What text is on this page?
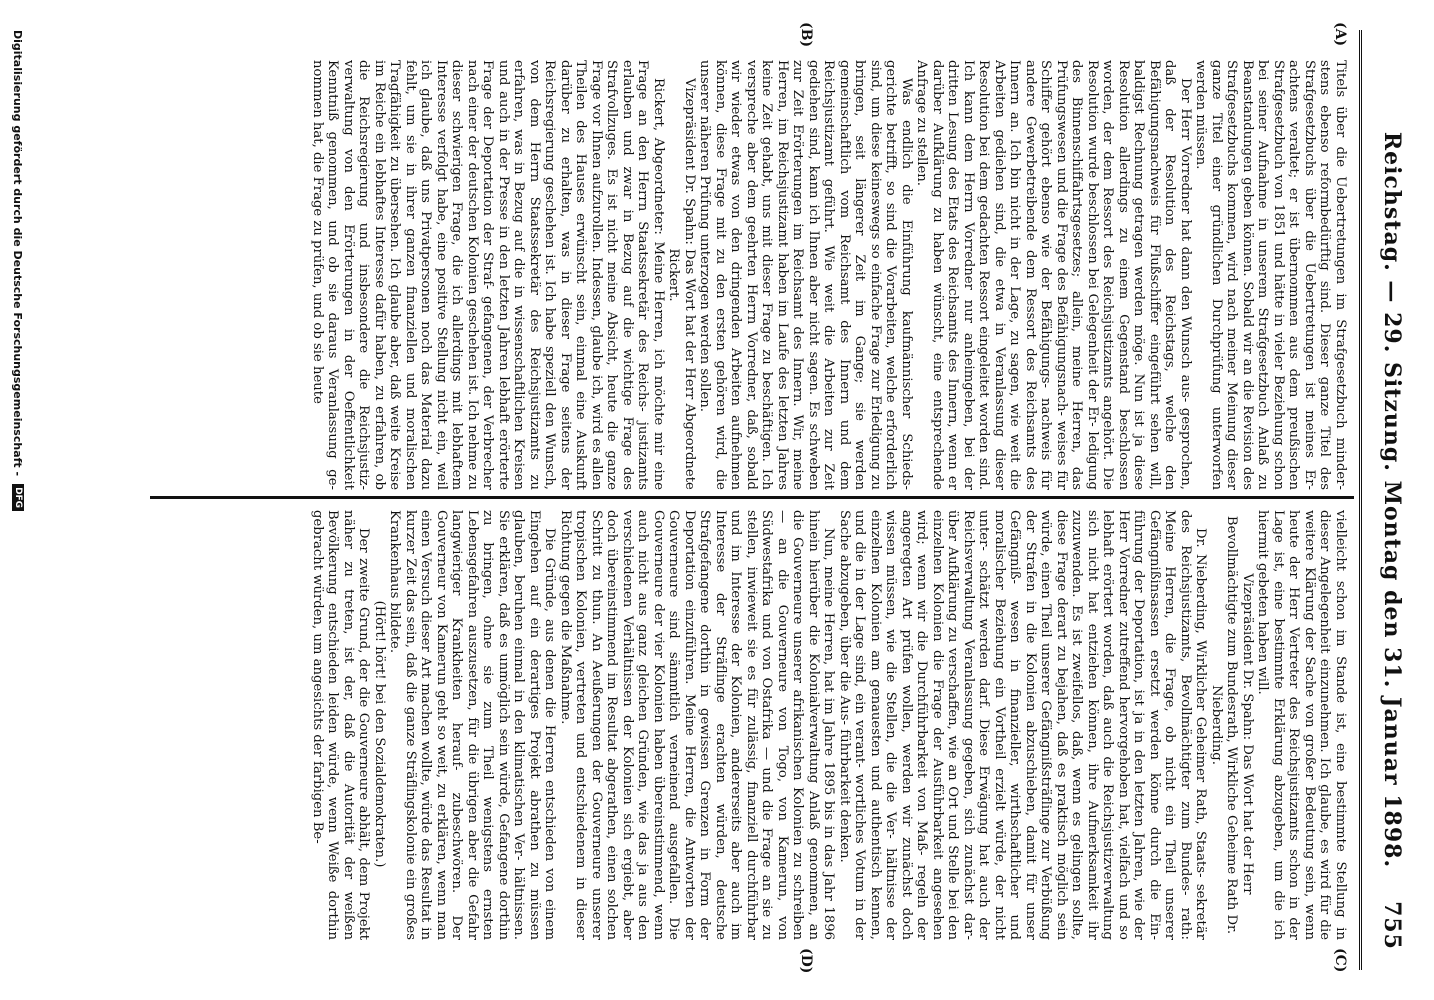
Reichstag. — 29. Sitzung. Montag den 31. Januar 1898.
755
(A)
(B)
(C)
(D)

Titels über die Uebertretungen im Strafgesetzbuch minder- stens ebenso reformbedürftig sind. Dieser ganze Titel des Strafgesetzbuchs über die Uebertretungen ist meines Er- achtens veraltet; er ist übernommen aus dem preußischen Strafgesetzbuch von 1851 und hätte in vieler Beziehung schon bei seiner Aufnahme in unserem Strafgesetzbuch Anlaß zu Beanstandungen geben können. Sobald wir an die Revision des Strafgesetzbuchs kommen, wird nach meiner Meinung dieser ganze Titel einer gründlichen Durchprüfung unterworfen werden müssen.

Der Herr Vorredner hat dann den Wunsch aus- gesprochen, daß der Resolution des Reichstags, welche den Befähigungsnachweis für Flußschiffer eingeführt sehen will, baldigst Rechnung getragen werden möge. Nun ist ja diese Resolution allerdings zu einem Gegenstand beschlossen worden, der dem Ressort des Reichsjustizamts angehört. Die Resolution wurde beschlossen bei Gelegenheit der Er- ledigung des Binnenschiffahrtsgesetzes; allein, meine Herren, das Prüfungswesen und die Frage des Befähigungsnach- weises für Schiffer gehört ebenso wie der Befähigungs- nachweis für andere Gewerbetreibende dem Ressort des Reichsamts des Innern an. Ich bin nicht in der Lage, zu sagen, wie weit die Arbeiten gediehen sind, die etwa in Veranlassung dieser Resolution bei dem gedachten Ressort eingeleitet worden sind. Ich kann dem Herrn Vorredner nur anheimgeben, bei der dritten Lesung des Etats des Reichsamts des Innern, wenn er darüber Aufklärung zu haben wünscht, eine entsprechende Anfrage zu stellen.

Was endlich die Einführung kaufmännischer Schieds- gerichte betrifft, so sind die Vorarbeiten, welche erforderlich sind, um diese keineswegs so einfache Frage zur Erledigung zu bringen, seit längerer Zeit im Gange; sie werden gemeinschaftlich vom Reichsamt des Innern und dem Reichsjustizamt geführt. Wie weit die Arbeiten zur Zeit gediehen sind, kann ich Ihnen aber nicht sagen. Es schweben zur Zeit Erörterungen im Reichsamt des Innern. Wir, meine Herren, im Reichsjustizamt haben im Laufe des letzten Jahres keine Zeit gehabt, uns mit dieser Frage zu beschäftigen. Ich verspreche aber dem geehrten Herrn Vorredner, daß, sobald wir wieder etwas von den dringenden Arbeiten aufnehmen können, diese Frage mit zu den ersten gehören wird, die unserer näheren Prüfung unterzogen werden sollen.

Vizepräsident Dr. Spahn: Das Wort hat der Herr Abgeordnete Rickert.

Rickert, Abgeordneter: Meine Herren, ich möchte mir eine Frage an den Herrn Staatssekretär des Reichs- justizamts erlauben und zwar in Bezug auf die wichtige Frage des Strafvollzuges. Es ist nicht meine Absicht, heute die ganze Frage vor Ihnen aufzurollen. Indessen, glaube ich, wird es allen Theilen des Hauses erwünscht sein, einmal eine Auskunft darüber zu erhalten, was in dieser Frage seitens der Reichsregierung geschehen ist. Ich habe speziell den Wunsch, von dem Herrn Staatssekretär des Reichsjustizamts zu erfahren, was in Bezug auf die in wissenschaftlichen Kreisen und auch in der Presse in den letzten Jahren lebhaft erörterte Frage der Deportation der Straf- gefangenen, der Verbrecher nach einer der deutschen Kolonien geschehen ist. Ich nehme zu dieser schwierigen Frage, die ich allerdings mit lebhaftem Interesse verfolgt habe, eine positive Stellung nicht ein, weil ich glaube, daß uns Privatpersonen noch das Material dazu fehlt, um sie in ihrer ganzen finanziellen und moralischen Tragfähigkeit zu übersehen. Ich glaube aber, daß weite Kreise im Reiche ein lebhaftes Interesse dafür haben, zu erfahren, ob die Reichsregierung und insbesondere die Reichsjustiz- verwaltung von den Erörterungen in der Oeffentlichkeit Kenntniß genommen, und ob sie daraus Veranlassung ge- nommen hat, die Frage zu prüfen, und ob sie heute

vielleicht schon im Stande ist, eine bestimmte Stellung in dieser Angelegenheit einzunehmen. Ich glaube, es wird für die weitere Klärung der Sache von großer Bedeutung sein, wenn heute der Herr Vertreter des Reichsjustizamts schon in der Lage ist, eine bestimmte Erklärung abzugeben, um die ich hiermit gebeten haben will.

Vizepräsident Dr. Spahn: Das Wort hat der Herr Bevollmächtigte zum Bundesrath, Wirkliche Geheime Rath Dr. Nieberding.

Dr. Nieberding, Wirklicher Geheimer Rath, Staats- sekretär des Reichsjustizamts, Bevollmächtigter zum Bundes- rath: Meine Herren, die Frage, ob nicht ein Theil unserer Gefängnißinsassen ersetzt werden könne durch die Ein- führung der Deportation, ist ja in den letzten Jahren, wie der Herr Vorredner zutreffend hervorgehoben hat, vielfach und so lebhaft erörtert worden, daß auch die Reichsjustizverwaltung sich nicht hat entziehen können, ihre Aufmerksamkeit ihr zuzuwenden. Es ist zweifellos, daß, wenn es gelingen sollte, diese Frage derart zu bejahen, daß es praktisch möglich sein würde, einen Theil unserer Gefängnißsträflinge zur Verbüßung der Strafen in die Kolonien abzuschieben, damit für unser Gefängniß- wesen in finanzieller, wirthschaftlicher und moralischer Beziehung ein Vortheil erzielt würde, der nicht unter- schätzt werden darf. Diese Erwägung hat auch der Reichsverwaltung Veranlassung gegeben, sich zunächst dar- über Aufklärung zu verschaffen, wie an Ort und Stelle bei den einzelnen Kolonien die Frage der Ausführbarkeit angesehen wird; wenn wir die Durchführbarkeit von Maß- regeln der angeregten Art prüfen wollen, werden wir zunächst doch wissen müssen, wie die Stellen, die die Ver- hältnisse der einzelnen Kolonien am genauesten und authentisch kennen, und die in der Lage sind, ein verant- wortliches Votum in der Sache abzugeben, über die Aus- führbarkeit denken.

Nun, meine Herren, hat im Jahre 1895 bis in das Jahr 1896 hinein hierüber die Kolonialverwaltung Anlaß genommen, an die Gouverneure unserer afrikanischen Kolonien zu schreiben — an die Gouverneure von Togo, von Kamerun, von Südwestafrika und von Ostafrika — und die Frage an sie zu stellen, inwieweit sie es für zulässig, finanziell durchführbar und im Interesse der Kolonien, andererseits aber auch im Interesse der Sträflinge erachten würden, deutsche Strafgefangene dorthin in gewissen Grenzen in Form der Deportation einzuführen. Meine Herren, die Antworten der Gouverneure sind sämmtlich verneinend ausgefallen. Die Gouverneure der vier Kolonien haben übereinstimmend, wenn auch nicht aus ganz gleichen Gründen, wie das ja aus den verschiedenen Verhältnissen der Kolonien sich ergiebt, aber doch übereinstimmend im Resultat abgerathen, einen solchen Schritt zu thun. An Aeußerungen der Gouverneure unserer tropischen Kolonien, vertreten und entschiedenem in dieser Richtung gegen die Maßnahme.

Die Gründe, aus denen die Herren entschieden von einem Eingehen auf ein derartiges Projekt abrathen zu müssen glauben, beruhen einmal in den klimatischen Ver- hältnissen. Sie erklären, daß es unmöglich sein würde, Gefangene dorthin zu bringen, ohne sie zum Theil wenigstens ernsten Lebensgefahren auszusetzen, für die übrigen aber die Gefahr langwieriger Krankheiten herauf- zubeschwören. Der Gouverneur von Kamerun geht so weit, zu erklären, wenn man einen Versuch dieser Art machen wollte, würde das Resultat in kurzer Zeit das sein, daß die ganze Sträflingskolonie ein großes Krankenhaus bildete.

(Hört! hört! bei den Sozialdemokraten.)

Der zweite Grund, der die Gouverneure abhält, dem Projekt näher zu treten, ist der, daß die Autorität der weißen Bevölkerung entschieden leiden würde, wenn Weiße dorthin gebracht würden, um angesichts der farbigen Be-

Digitalisierung gefördert durch die Deutsche Forschungsgemeinschaft -
DFG
